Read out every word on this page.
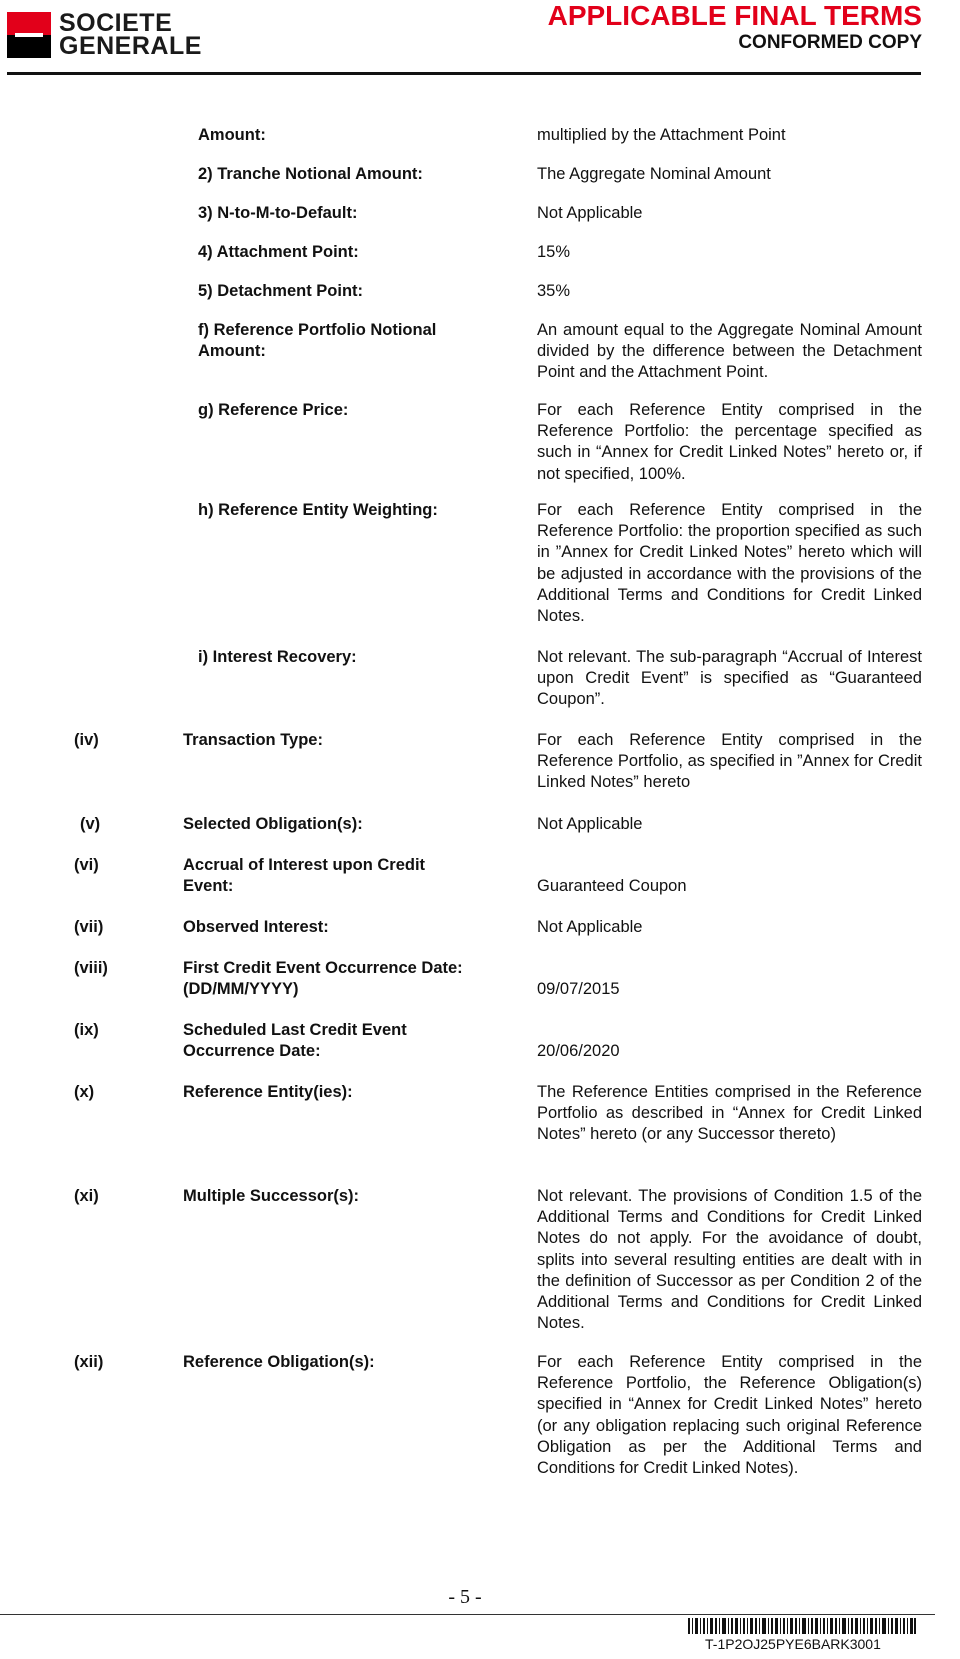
SOCIETE
GENERALE
APPLICABLE FINAL TERMS
CONFORMED COPY
Amount:	multiplied by the Attachment Point
2) Tranche Notional Amount:	The Aggregate Nominal Amount
3) N-to-M-to-Default:	Not Applicable
4) Attachment Point:	15%
5) Detachment Point:	35%
f) Reference Portfolio Notional Amount:
An amount equal to the Aggregate Nominal Amount divided by the difference between the Detachment Point and the Attachment Point.
g) Reference Price:	For each Reference Entity comprised in the Reference Portfolio: the percentage specified as such in “Annex for Credit Linked Notes” hereto or, if not specified, 100%.
h) Reference Entity Weighting:	For each Reference Entity comprised in the Reference Portfolio: the proportion specified as such in ”Annex for Credit Linked Notes” hereto which will be adjusted in accordance with the provisions of the Additional Terms and Conditions for Credit Linked Notes.
i) Interest Recovery:	Not relevant. The sub-paragraph “Accrual of Interest upon Credit Event” is specified as “Guaranteed Coupon”.
(iv)	Transaction Type:	For each Reference Entity comprised in the Reference Portfolio, as specified in ”Annex for Credit Linked Notes” hereto
(v)	Selected Obligation(s):	Not Applicable
(vi)	Accrual of Interest upon Credit Event:	Guaranteed Coupon
(vii)	Observed Interest:	Not Applicable
(viii)	First Credit Event Occurrence Date: (DD/MM/YYYY)	09/07/2015
(ix)	Scheduled Last Credit Event Occurrence Date:	20/06/2020
(x)	Reference Entity(ies):	The Reference Entities comprised in the Reference Portfolio as described in “Annex for Credit Linked Notes” hereto (or any Successor thereto)
(xi)	Multiple Successor(s):	Not relevant. The provisions of Condition 1.5 of the Additional Terms and Conditions for Credit Linked Notes do not apply. For the avoidance of doubt, splits into several resulting entities are dealt with in the definition of Successor as per Condition 2 of the Additional Terms and Conditions for Credit Linked Notes.
(xii)	Reference Obligation(s):	For each Reference Entity comprised in the Reference Portfolio, the Reference Obligation(s) specified in “Annex for Credit Linked Notes” hereto (or any obligation replacing such original Reference Obligation as per the Additional Terms and Conditions for Credit Linked Notes).
- 5 -
T-1P2OJ25PYE6BARK3001
